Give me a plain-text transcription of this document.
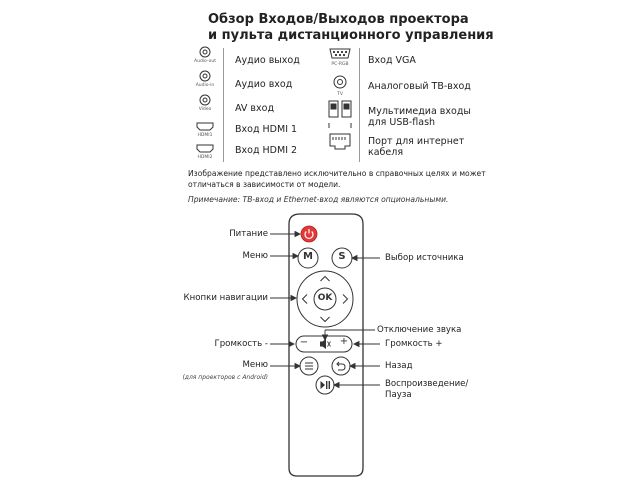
Обзор Входов/Выходов проектора
и пульта дистанционного управления
Audio-out
Audio-in
Video
HDMI1
HDMI2
Аудио выход
Аудио вход
AV вход
Вход HDMI 1
Вход HDMI 2
PC-RGB
TV
Вход VGA
Аналоговый ТВ-вход
Мультимедиа входы
для USB-flash
Порт для интернет
кабеля
Изображение представлено исключительно в справочных целях и может
отличаться в зависимости от модели.
Примечание: ТВ-вход и Ethernet-вход являются опциональными.
M	S
OK
−	+
Питание
Меню
Кнопки навигации
Громкость -
Меню
(для проекторов с Android)
Выбор источника
Отключение звука
Громкость +
Назад
Воспроизведение/
Пауза
